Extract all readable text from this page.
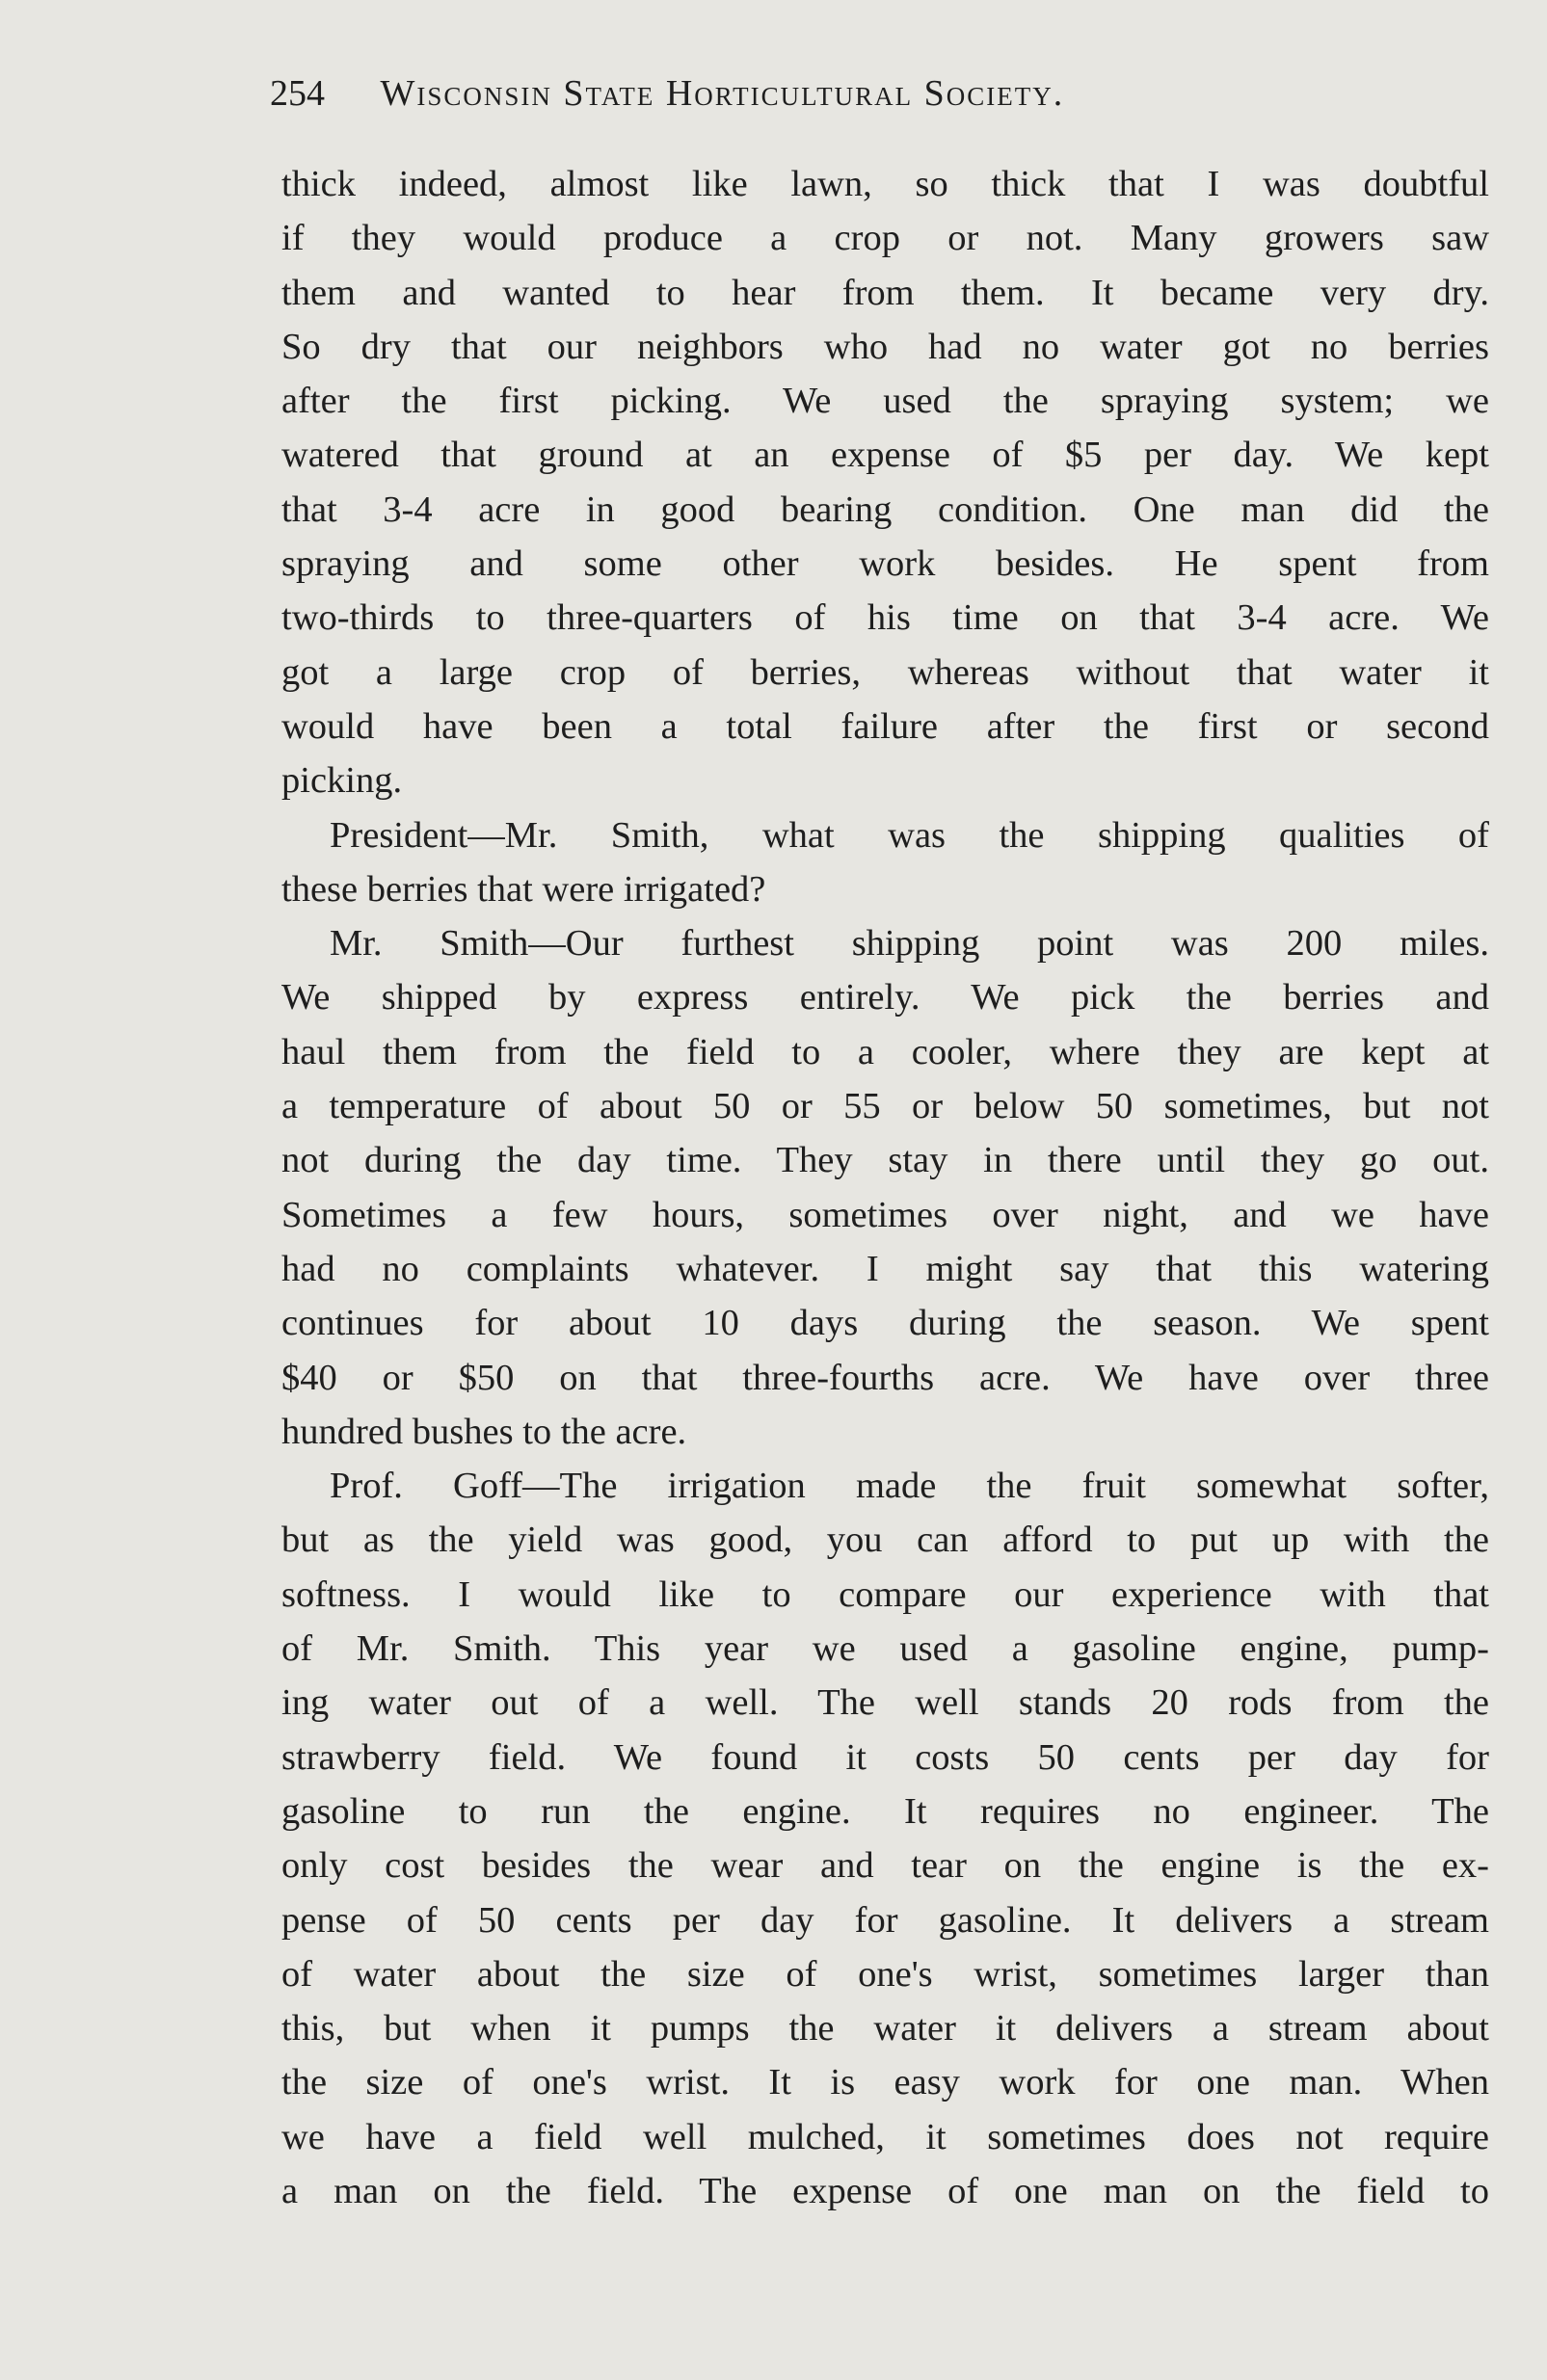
254 Wisconsin State Horticultural Society.
thick indeed, almost like lawn, so thick that I was doubtful
if they would produce a crop or not. Many growers saw
them and wanted to hear from them. It became very dry.
So dry that our neighbors who had no water got no berries
after the first picking. We used the spraying system; we
watered that ground at an expense of $5 per day. We kept
that 3-4 acre in good bearing condition. One man did the
spraying and some other work besides. He spent from
two-thirds to three-quarters of his time on that 3-4 acre. We
got a large crop of berries, whereas without that water it
would have been a total failure after the first or second
picking.
President—Mr. Smith, what was the shipping qualities of
these berries that were irrigated?
Mr. Smith—Our furthest shipping point was 200 miles.
We shipped by express entirely. We pick the berries and
haul them from the field to a cooler, where they are kept at
a temperature of about 50 or 55 or below 50 sometimes, but not
not during the day time. They stay in there until they go out.
Sometimes a few hours, sometimes over night, and we have
had no complaints whatever. I might say that this watering
continues for about 10 days during the season. We spent
$40 or $50 on that three-fourths acre. We have over three
hundred bushes to the acre.
Prof. Goff—The irrigation made the fruit somewhat softer,
but as the yield was good, you can afford to put up with the
softness. I would like to compare our experience with that
of Mr. Smith. This year we used a gasoline engine, pump-
ing water out of a well. The well stands 20 rods from the
strawberry field. We found it costs 50 cents per day for
gasoline to run the engine. It requires no engineer. The
only cost besides the wear and tear on the engine is the ex-
pense of 50 cents per day for gasoline. It delivers a stream
of water about the size of one's wrist, sometimes larger than
this, but when it pumps the water it delivers a stream about
the size of one's wrist. It is easy work for one man. When
we have a field well mulched, it sometimes does not require
a man on the field. The expense of one man on the field to
